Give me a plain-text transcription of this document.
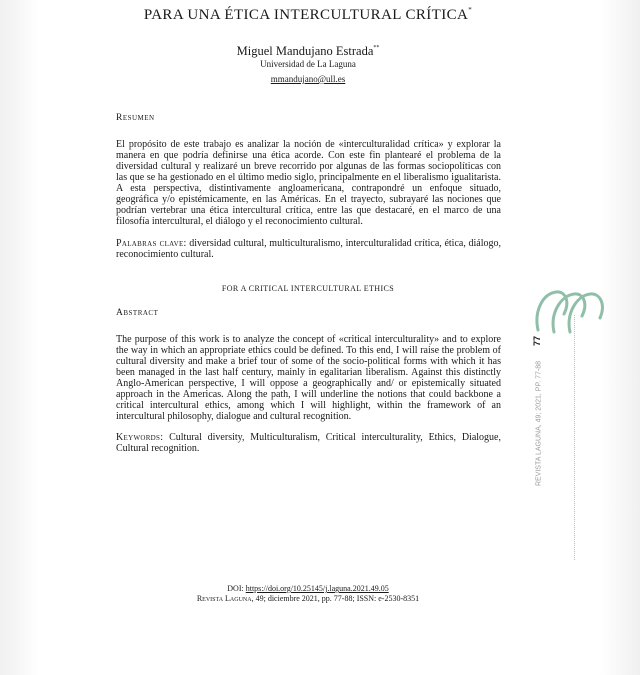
PARA UNA ÉTICA INTERCULTURAL CRÍTICA*
Miguel Mandujano Estrada**
Universidad de La Laguna
mmandujano@ull.es
Resumen
El propósito de este trabajo es analizar la noción de «interculturalidad crítica» y explorar la manera en que podría definirse una ética acorde. Con este fin plantearé el problema de la diversidad cultural y realizaré un breve recorrido por algunas de las formas sociopolíticas con las que se ha gestionado en el último medio siglo, principalmente en el liberalismo igualitarista. A esta perspectiva, distintivamente angloamericana, contrapondré un enfoque situado, geográfica y/o epistémicamente, en las Américas. En el trayecto, subrayaré las nociones que podrían vertebrar una ética intercultural crítica, entre las que destacaré, en el marco de una filosofía intercultural, el diálogo y el reconocimiento cultural.
Palabras clave: diversidad cultural, multiculturalismo, interculturalidad crítica, ética, diálogo, reconocimiento cultural.
FOR A CRITICAL INTERCULTURAL ETHICS
Abstract
The purpose of this work is to analyze the concept of «critical interculturality» and to explore the way in which an appropriate ethics could be defined. To this end, I will raise the problem of cultural diversity and make a brief tour of some of the socio-political forms with which it has been managed in the last half century, mainly in egalitarian liberalism. Against this distinctly Anglo-American perspective, I will oppose a geographically and/ or epistemically situated approach in the Americas. Along the path, I will underline the notions that could backbone a critical intercultural ethics, among which I will highlight, within the framework of an intercultural philosophy, dialogue and cultural recognition.
Keywords: Cultural diversity, Multiculturalism, Critical interculturality, Ethics, Dialogue, Cultural recognition.
DOI: https://doi.org/10.25145/j.laguna.2021.49.05
Revista Laguna, 49; diciembre 2021, pp. 77-88; ISSN: e-2530-8351
77
REVISTA LAGUNA, 49; 2021, PP. 77-88
